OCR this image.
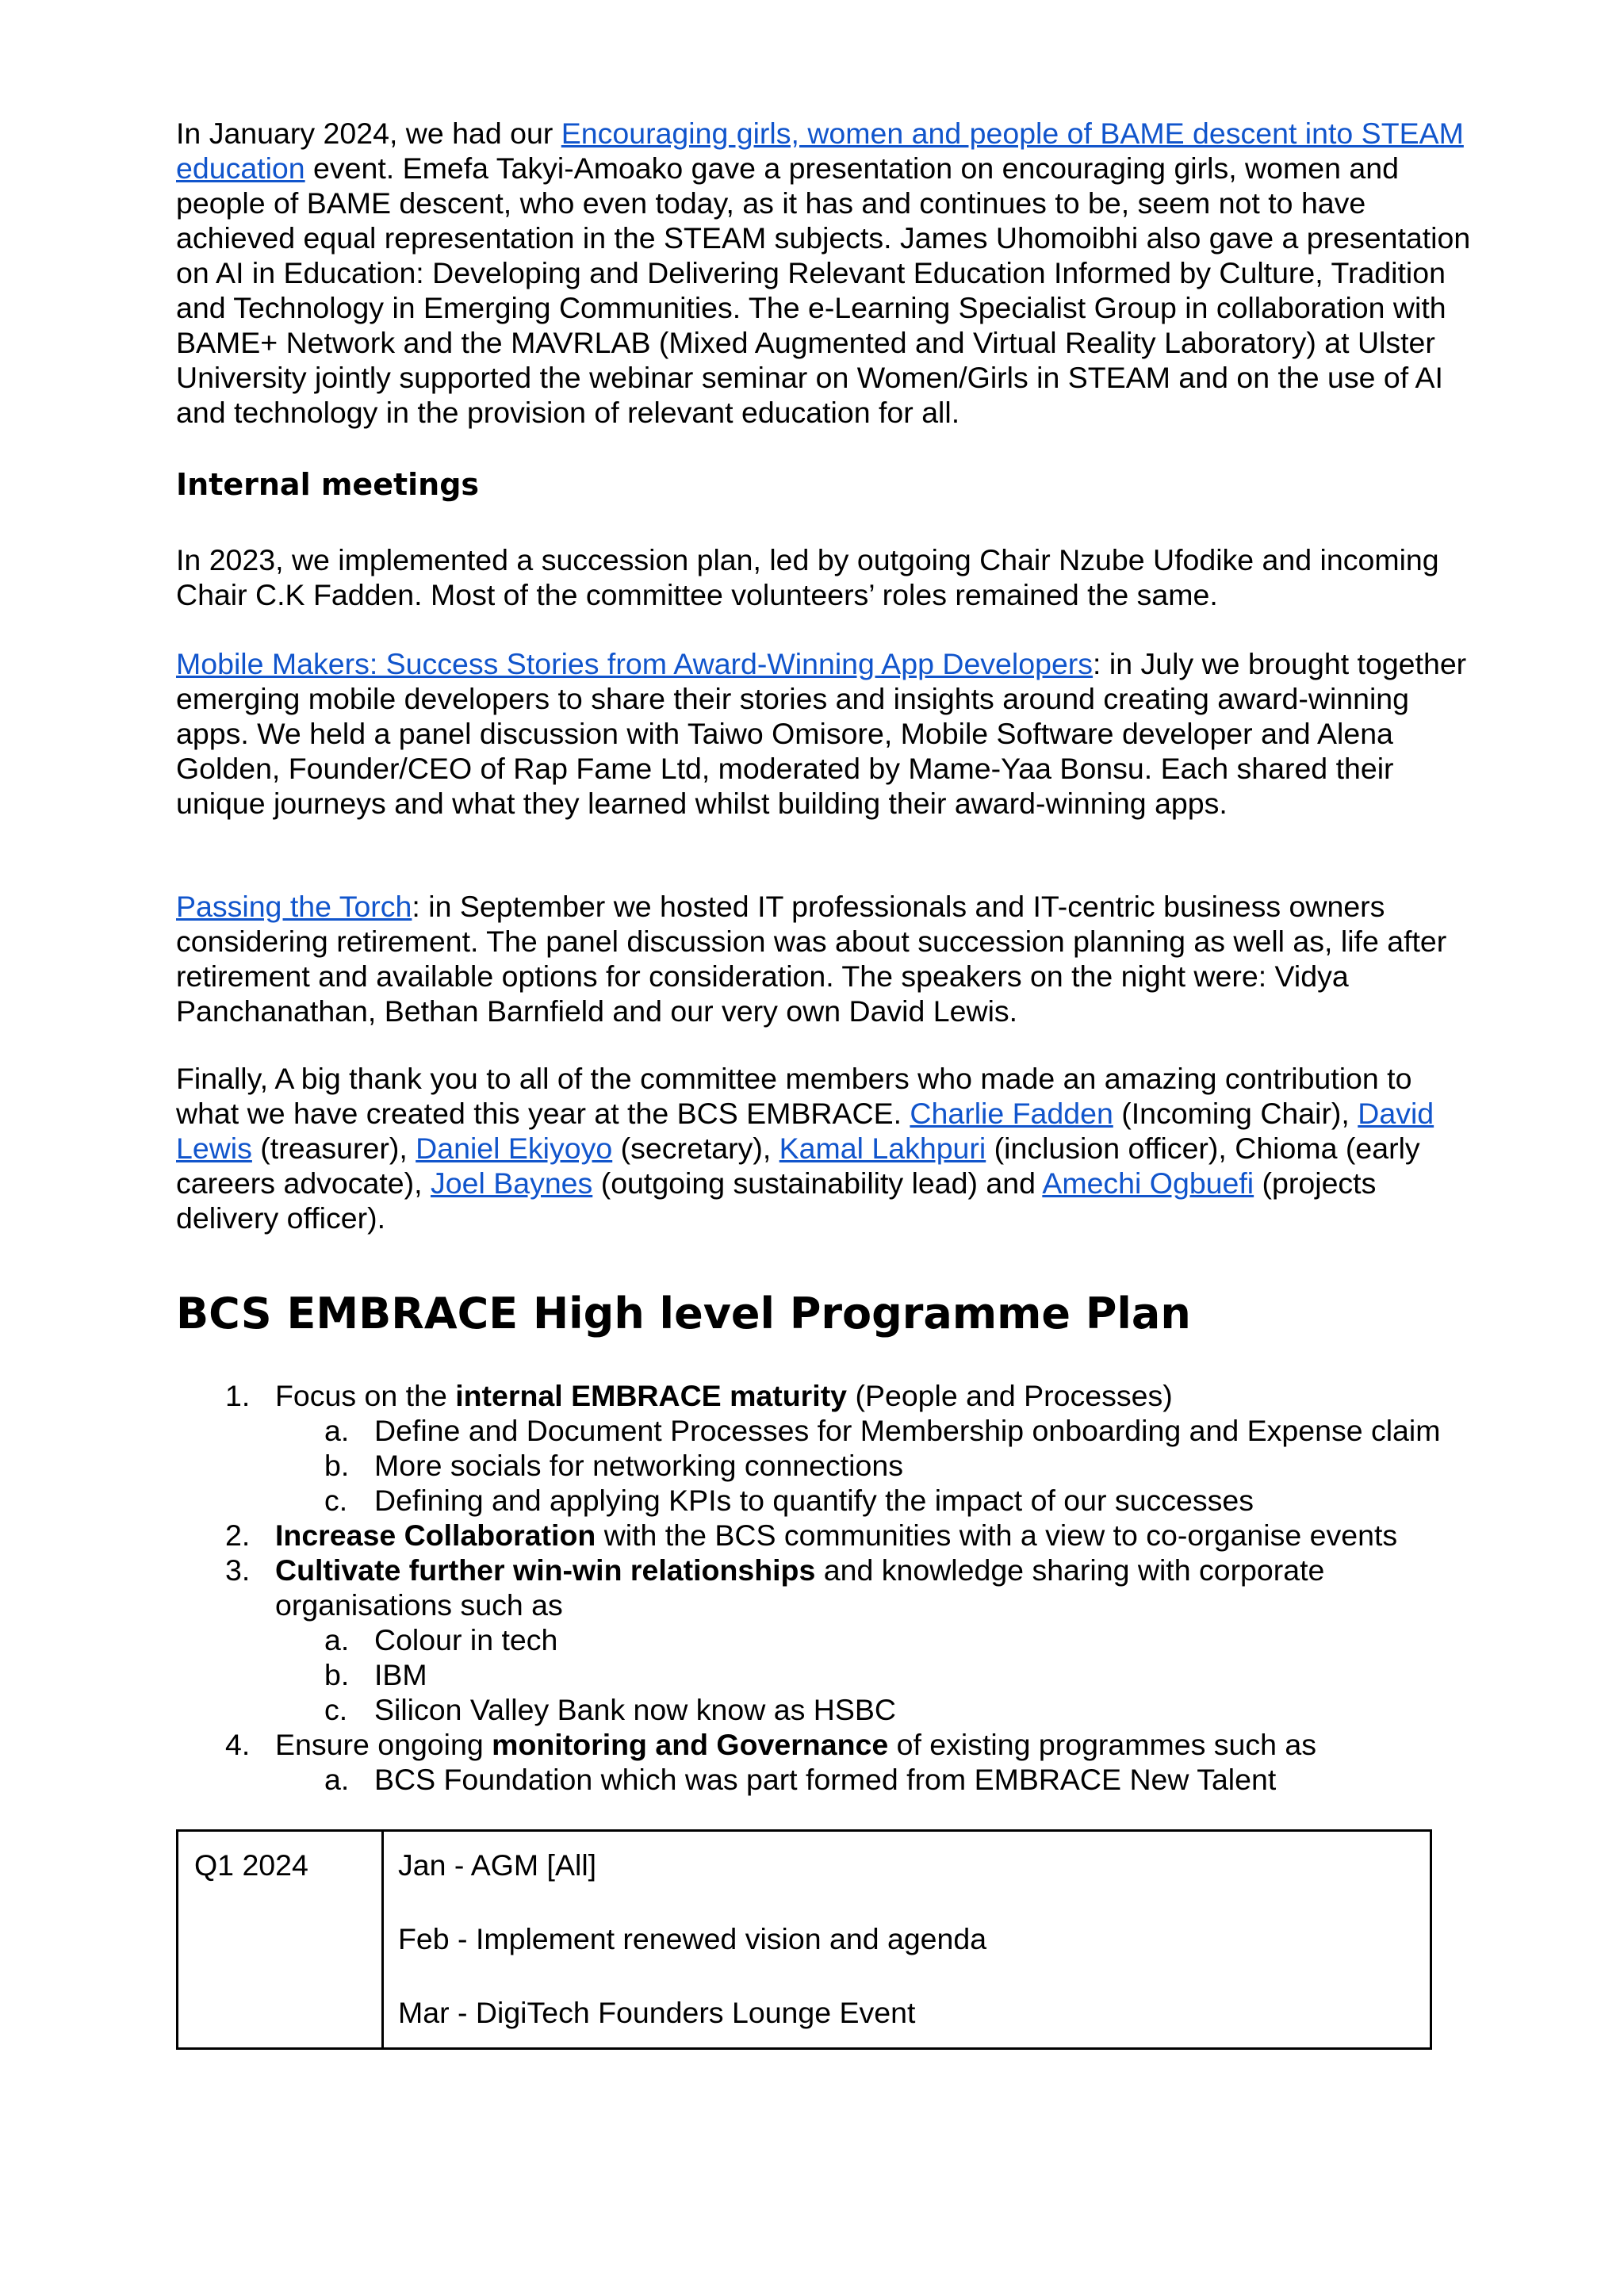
In January 2024, we had our Encouraging girls, women and people of BAME descent into STEAM education event. Emefa Takyi-Amoako gave a presentation on encouraging girls, women and people of BAME descent, who even today, as it has and continues to be, seem not to have achieved equal representation in the STEAM subjects. James Uhomoibhi also gave a presentation on AI in Education: Developing and Delivering Relevant Education Informed by Culture, Tradition and Technology in Emerging Communities. The e-Learning Specialist Group in collaboration with BAME+ Network and the MAVRLAB (Mixed Augmented and Virtual Reality Laboratory) at Ulster University jointly supported the webinar seminar on Women/Girls in STEAM and on the use of AI and technology in the provision of relevant education for all.

Internal meetings

In 2023, we implemented a succession plan, led by outgoing Chair Nzube Ufodike and incoming Chair C.K Fadden. Most of the committee volunteers’ roles remained the same.

Mobile Makers: Success Stories from Award-Winning App Developers: in July we brought together emerging mobile developers to share their stories and insights around creating award-winning apps. We held a panel discussion with Taiwo Omisore, Mobile Software developer and Alena Golden, Founder/CEO of Rap Fame Ltd, moderated by Mame-Yaa Bonsu. Each shared their unique journeys and what they learned whilst building their award-winning apps.

Passing the Torch: in September we hosted IT professionals and IT-centric business owners considering retirement. The panel discussion was about succession planning as well as, life after retirement and available options for consideration. The speakers on the night were: Vidya Panchanathan, Bethan Barnfield and our very own David Lewis.

Finally, A big thank you to all of the committee members who made an amazing contribution to what we have created this year at the BCS EMBRACE. Charlie Fadden (Incoming Chair), David Lewis (treasurer), Daniel Ekiyoyo (secretary), Kamal Lakhpuri (inclusion officer), Chioma (early careers advocate), Joel Baynes (outgoing sustainability lead) and Amechi Ogbuefi (projects delivery officer).

BCS EMBRACE High level Programme Plan
1. Focus on the internal EMBRACE maturity (People and Processes)
a. Define and Document Processes for Membership onboarding and Expense claim
b. More socials for networking connections
c. Defining and applying KPIs to quantify the impact of our successes
2. Increase Collaboration with the BCS communities with a view to co-organise events
3. Cultivate further win-win relationships and knowledge sharing with corporate organisations such as
a. Colour in tech
b. IBM
c. Silicon Valley Bank now know as HSBC
4. Ensure ongoing monitoring and Governance of existing programmes such as
a. BCS Foundation which was part formed from EMBRACE New Talent
Q1 2024	Jan - AGM [All]
Feb - Implement renewed vision and agenda
Mar - DigiTech Founders Lounge Event
